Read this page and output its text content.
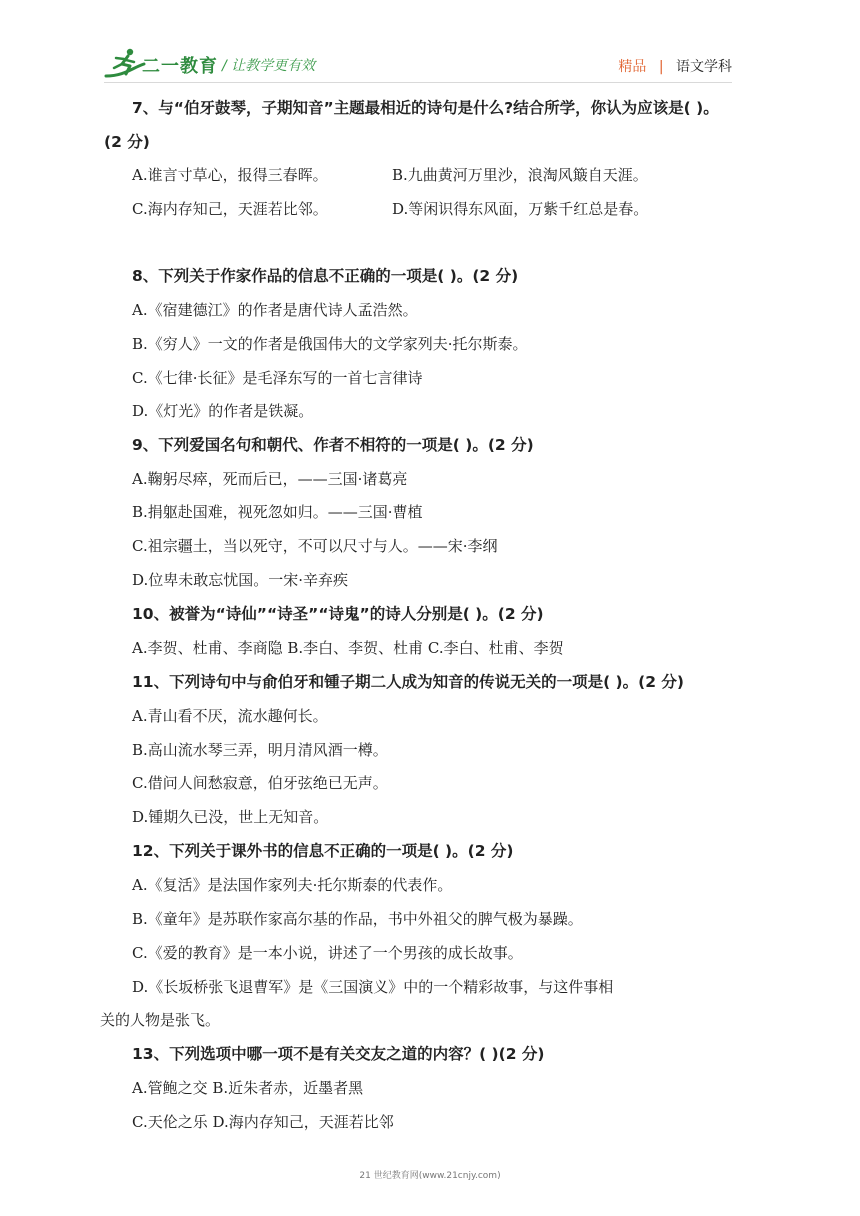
二一教育 / 让教学更有效	精品 | 语文学科
7、与“伯牙鼓琴，子期知音”主题最相近的诗句是什么?结合所学，你认为应该是( )。
(2 分)
A.谁言寸草心，报得三春晖。	B.九曲黄河万里沙，浪淘风簸自天涯。
C.海内存知己，天涯若比邻。	D.等闲识得东风面，万紫千红总是春。
8、下列关于作家作品的信息不正确的一项是( )。(2 分)
A.《宿建德江》的作者是唐代诗人孟浩然。
B.《穷人》一文的作者是俄国伟大的文学家列夫·托尔斯泰。
C.《七律·长征》是毛泽东写的一首七言律诗
D.《灯光》的作者是铁凝。
9、下列爱国名句和朝代、作者不相符的一项是( )。(2 分)
A.鞠躬尽瘁，死而后已，——三国·诸葛亮
B.捐躯赴国难，视死忽如归。——三国·曹植
C.祖宗疆土，当以死守，不可以尺寸与人。——宋·李纲
D.位卑未敢忘忧国。一宋·辛弃疾
10、被誉为“诗仙”“诗圣”“诗鬼”的诗人分别是( )。(2 分)
A.李贺、杜甫、李商隐 B.李白、李贺、杜甫 C.李白、杜甫、李贺
11、下列诗句中与俞伯牙和锺子期二人成为知音的传说无关的一项是( )。(2 分)
A.青山看不厌，流水趣何长。
B.高山流水琴三弄，明月清风酒一樽。
C.借问人间愁寂意，伯牙弦绝已无声。
D.锺期久已没，世上无知音。
12、下列关于课外书的信息不正确的一项是( )。(2 分)
A.《复活》是法国作家列夫·托尔斯泰的代表作。
B.《童年》是苏联作家高尔基的作品，书中外祖父的脾气极为暴躁。
C.《爱的教育》是一本小说，讲述了一个男孩的成长故事。
D.《长坂桥张飞退曹军》是《三国演义》中的一个精彩故事，与这件事相
关的人物是张飞。
13、下列选项中哪一项不是有关交友之道的内容？( )(2 分)
A.管鲍之交 B.近朱者赤，近墨者黑
C.天伦之乐 D.海内存知己，天涯若比邻
21 世纪教育网(www.21cnjy.com)
